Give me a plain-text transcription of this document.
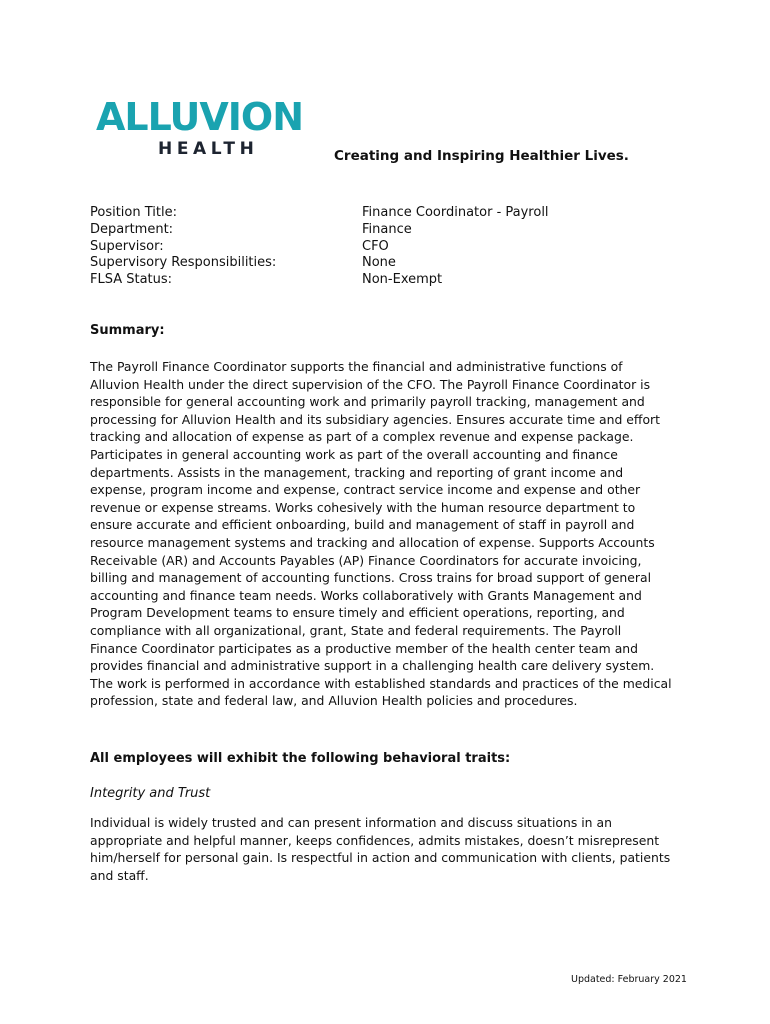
ALLUVION
HEALTH	Creating and Inspiring Healthier Lives.
Position Title:
Department:
Supervisor:
Supervisory Responsibilities:
FLSA Status:
Finance Coordinator - Payroll
Finance
CFO
None
Non-Exempt
Summary:
The Payroll Finance Coordinator supports the financial and administrative functions of
Alluvion Health under the direct supervision of the CFO. The Payroll Finance Coordinator is
responsible for general accounting work and primarily payroll tracking, management and
processing for Alluvion Health and its subsidiary agencies. Ensures accurate time and effort
tracking and allocation of expense as part of a complex revenue and expense package.
Participates in general accounting work as part of the overall accounting and finance
departments. Assists in the management, tracking and reporting of grant income and
expense, program income and expense, contract service income and expense and other
revenue or expense streams. Works cohesively with the human resource department to
ensure accurate and efficient onboarding, build and management of staff in payroll and
resource management systems and tracking and allocation of expense. Supports Accounts
Receivable (AR) and Accounts Payables (AP) Finance Coordinators for accurate invoicing,
billing and management of accounting functions. Cross trains for broad support of general
accounting and finance team needs. Works collaboratively with Grants Management and
Program Development teams to ensure timely and efficient operations, reporting, and
compliance with all organizational, grant, State and federal requirements. The Payroll
Finance Coordinator participates as a productive member of the health center team and
provides financial and administrative support in a challenging health care delivery system.
The work is performed in accordance with established standards and practices of the medical
profession, state and federal law, and Alluvion Health policies and procedures.
All employees will exhibit the following behavioral traits:
Integrity and Trust
Individual is widely trusted and can present information and discuss situations in an
appropriate and helpful manner, keeps confidences, admits mistakes, doesn’t misrepresent
him/herself for personal gain. Is respectful in action and communication with clients, patients
and staff.
Updated: February 2021
